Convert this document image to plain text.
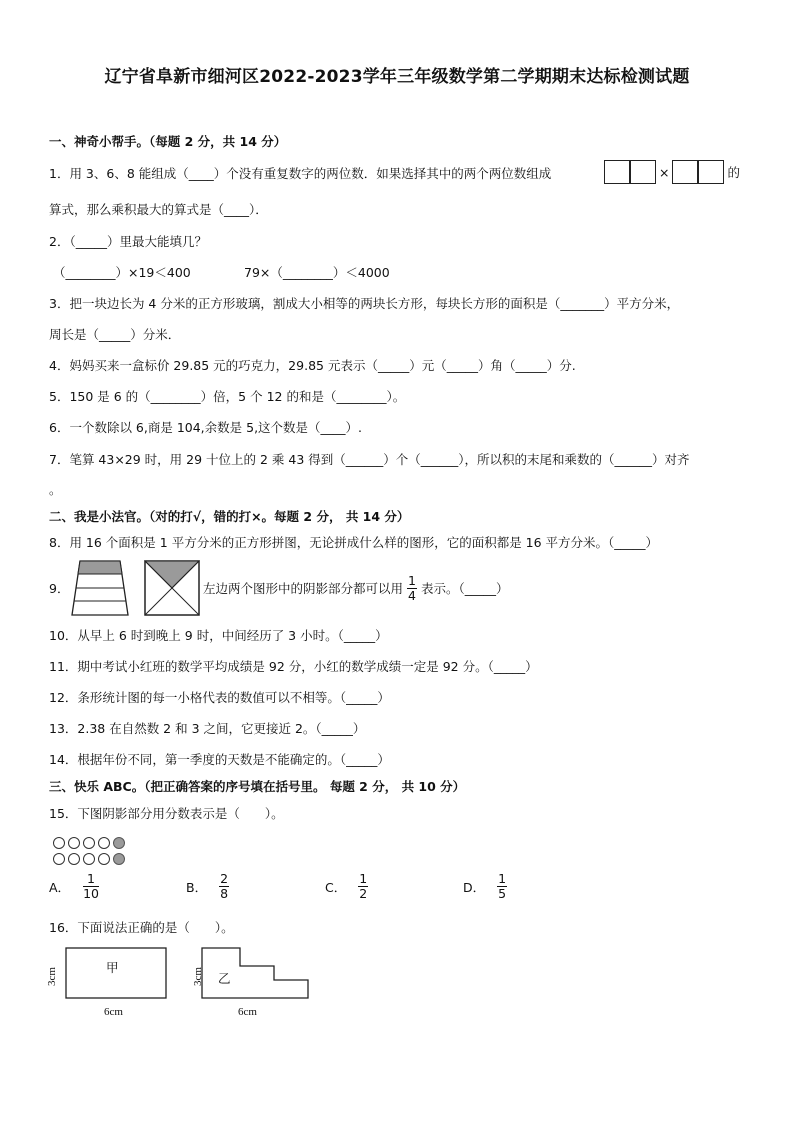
辽宁省阜新市细河区2022-2023学年三年级数学第二学期期末达标检测试题
一、神奇小帮手。（每题 2 分，共 14 分）
1．用 3、6、8 能组成（____）个没有重复数字的两位数．如果选择其中的两个两位数组成	×	的
算式，那么乘积最大的算式是（____）．
2．（_____）里最大能填几？
（________）×19＜400	79×（________）＜4000
3．把一块边长为 4 分米的正方形玻璃，割成大小相等的两块长方形，每块长方形的面积是（_______）平方分米，
周长是（_____）分米．
4．妈妈买来一盒标价 29.85 元的巧克力，29.85 元表示（_____）元（_____）角（_____）分.
5．150 是 6 的（________）倍，5 个 12 的和是（________）。
6．一个数除以 6,商是 104,余数是 5,这个数是（____）.
7．笔算 43×29 时，用 29 十位上的 2 乘 43 得到（______）个（______），所以积的末尾和乘数的（______）对齐
。
二、我是小法官。（对的打√，错的打×。每题 2 分， 共 14 分）
8．用 16 个面积是 1 平方分米的正方形拼图，无论拼成什么样的图形，它的面积都是 16 平方分米。（_____）
9．	左边两个图形中的阴影部分都可以用 $\frac{1}{4}$ 表示。（_____）
10．从早上 6 时到晚上 9 时，中间经历了 3 小时。（_____）
11．期中考试小红班的数学平均成绩是 92 分，小红的数学成绩一定是 92 分。（_____）
12．条形统计图的每一小格代表的数值可以不相等。（_____）
13．2.38 在自然数 2 和 3 之间，它更接近 2。（_____）
14．根据年份不同，第一季度的天数是不能确定的。（_____）
三、快乐 ABC。（把正确答案的序号填在括号里。 每题 2 分， 共 10 分）
15．下图阴影部分用分数表示是（　　）。
A． $\frac{1}{10}$	B． $\frac{2}{8}$	C． $\frac{1}{2}$	D． $\frac{1}{5}$
16．下面说法正确的是（　　）。
甲
乙
3cm	3cm
6cm	6cm
